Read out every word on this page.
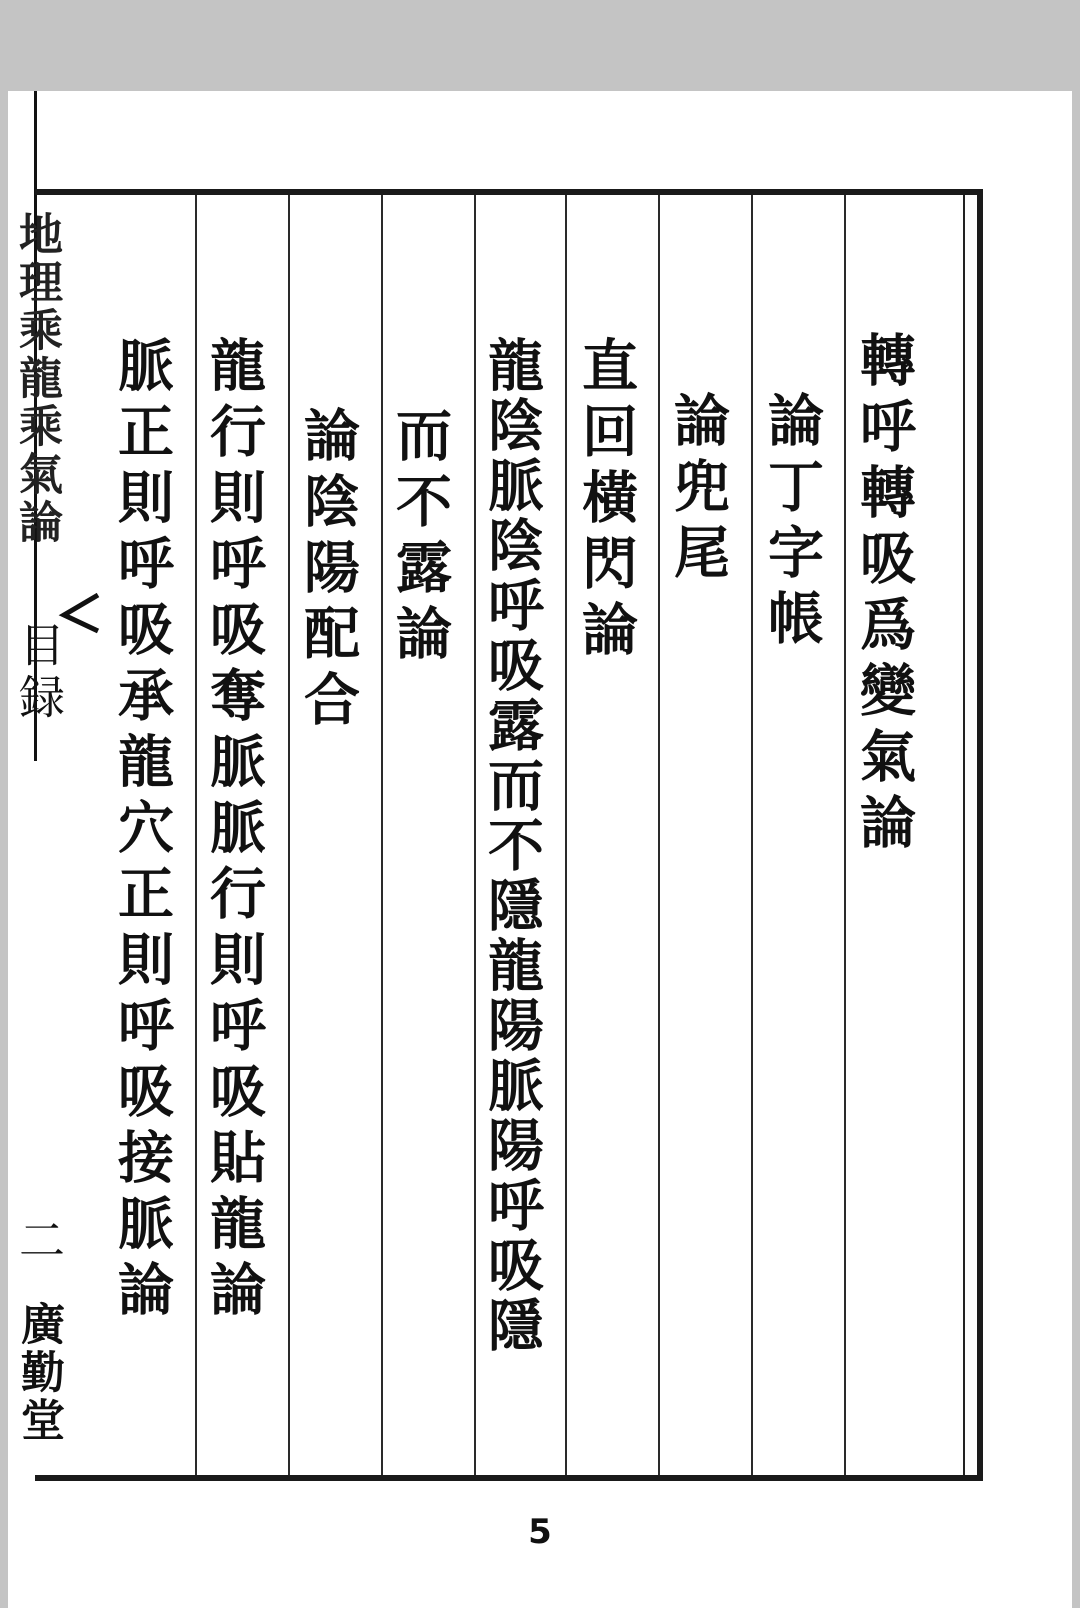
地理乘龍乘氣論
目録
二
廣勤堂
轉呼轉吸爲變氣論
論丁字帳
論兜尾
直回橫閃論
龍陰脈陰呼吸露而不隱龍陽脈陽呼吸隱
而不露論
論陰陽配合
龍行則呼吸奪脈脈行則呼吸貼龍論
脈正則呼吸承龍穴正則呼吸接脈論
5
